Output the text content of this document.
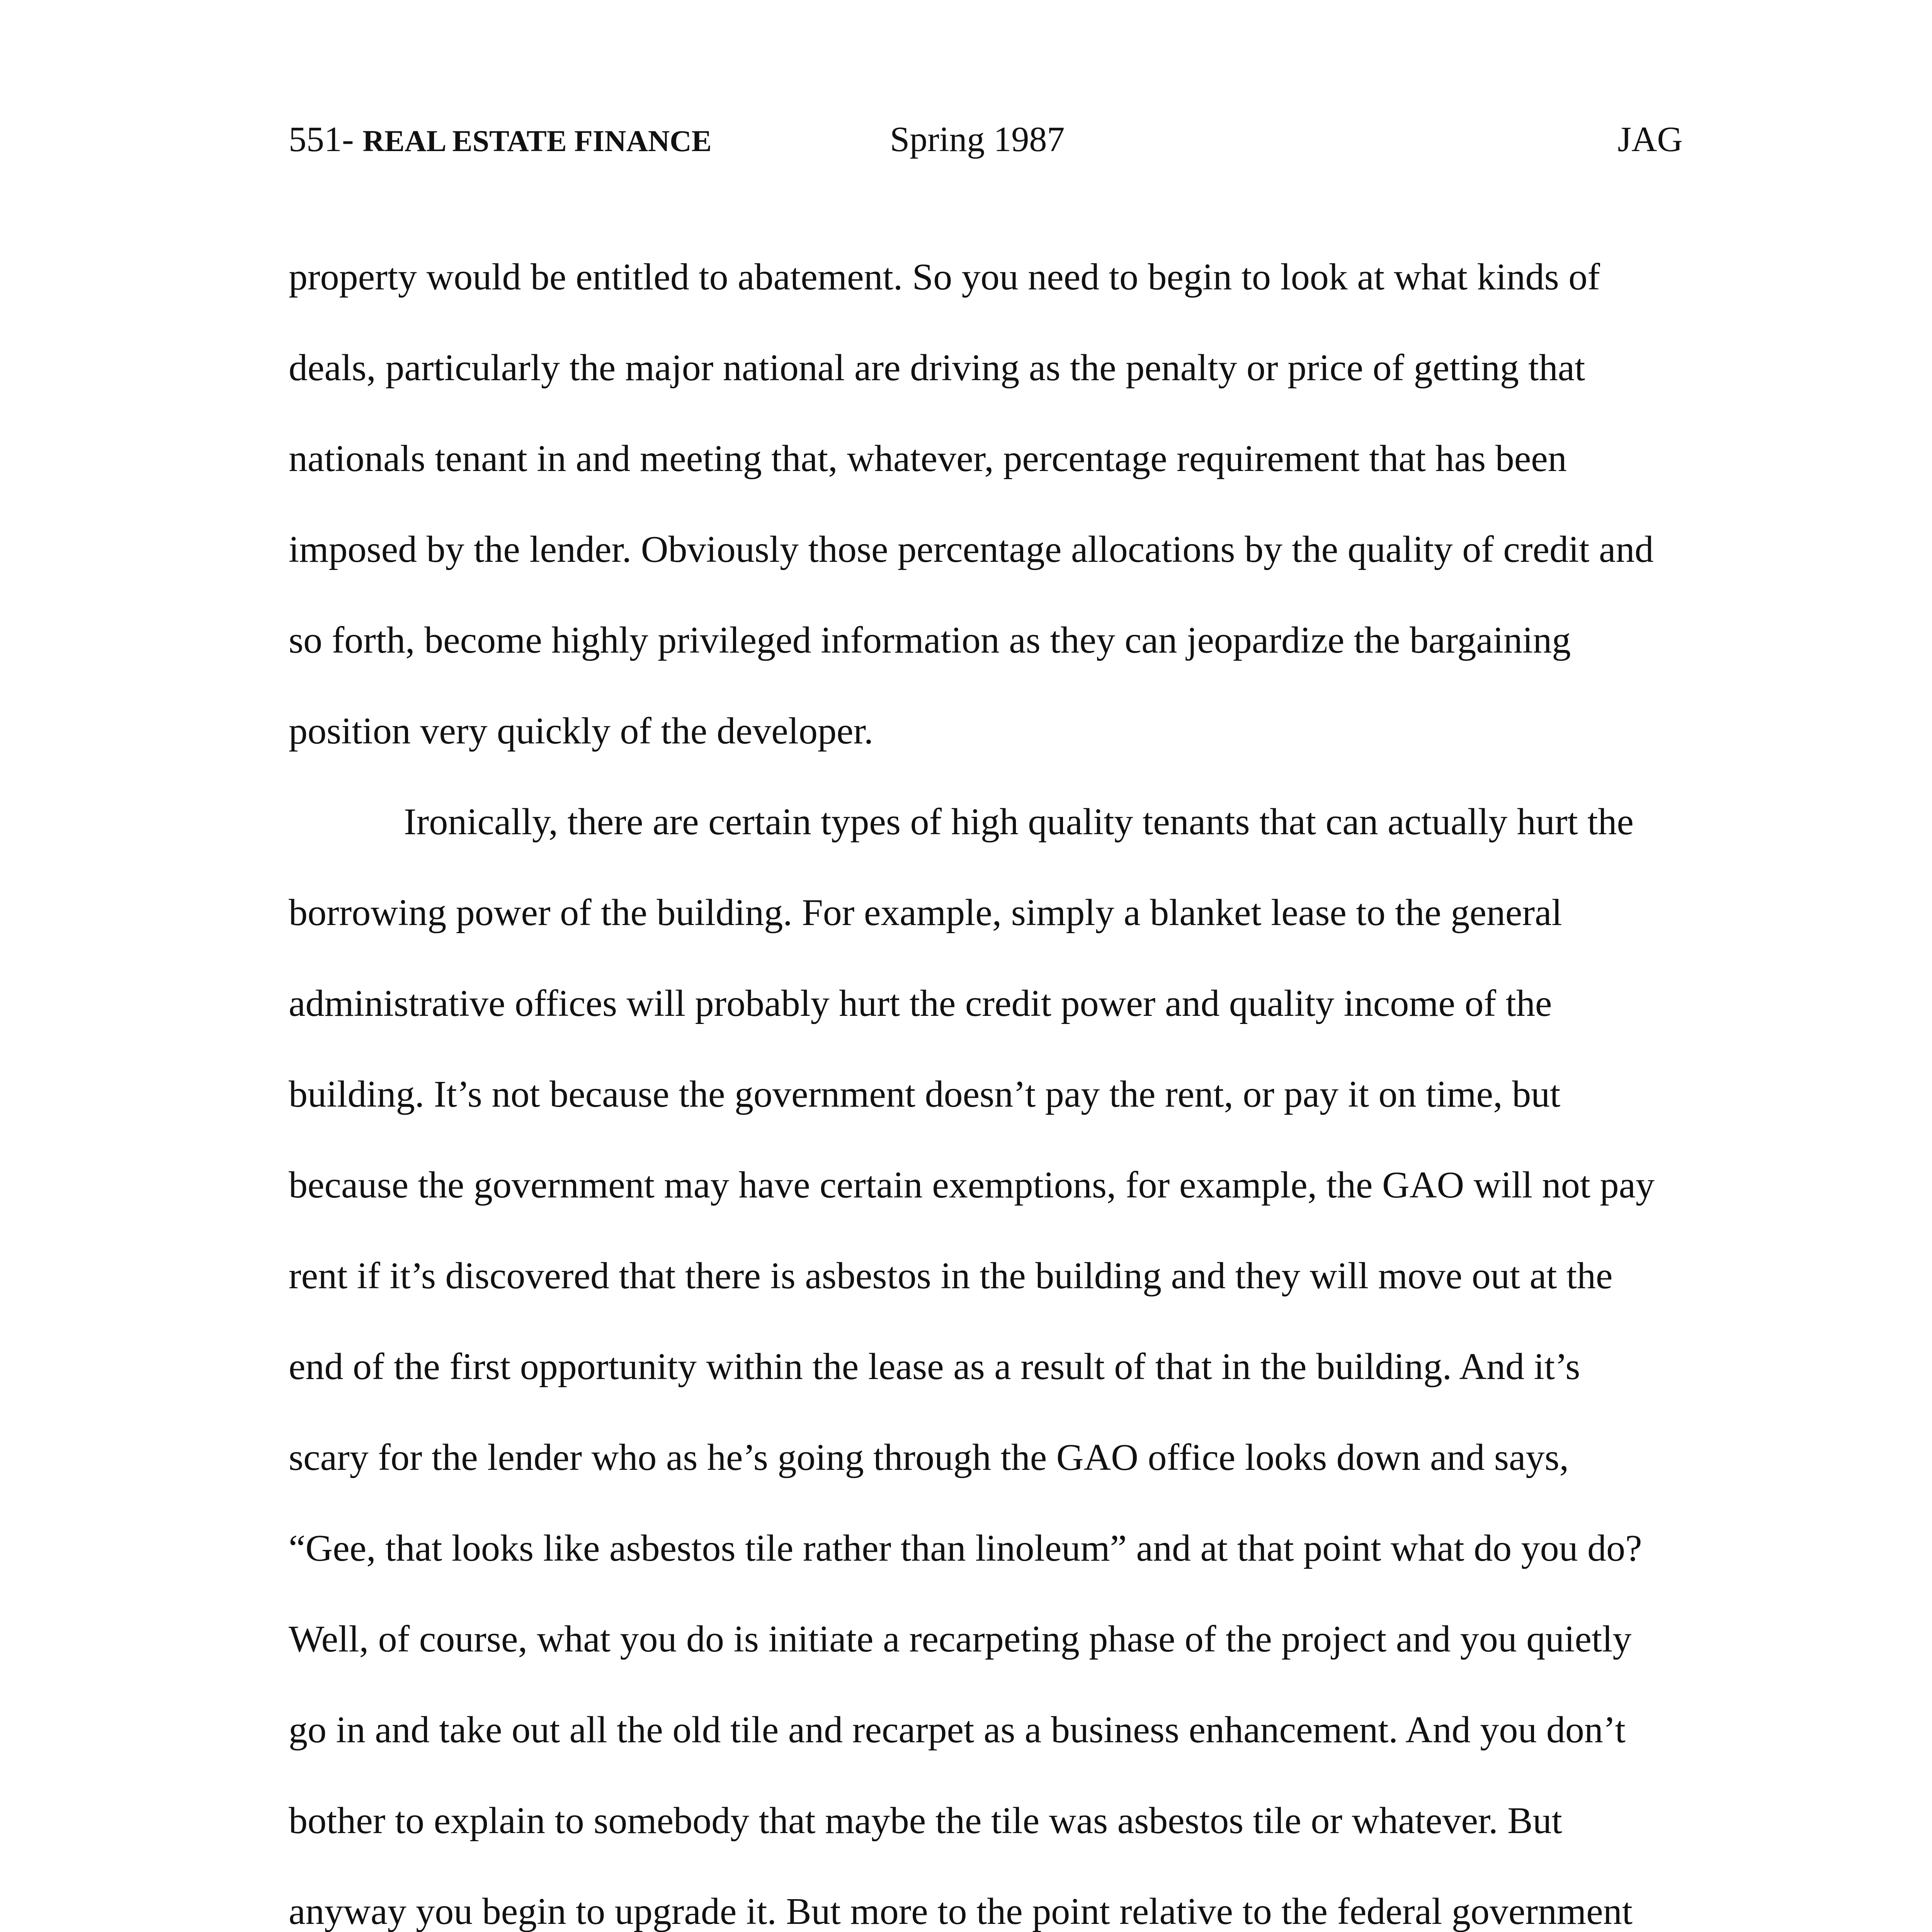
551- REAL ESTATE FINANCE	Spring 1987	JAG
property would be entitled to abatement. So you need to begin to look at what kinds of
deals, particularly the major national are driving as the penalty or price of getting that
nationals tenant in and meeting that, whatever, percentage requirement that has been
imposed by the lender. Obviously those percentage allocations by the quality of credit and
so forth, become highly privileged information as they can jeopardize the bargaining
position very quickly of the developer.
Ironically, there are certain types of high quality tenants that can actually hurt the
borrowing power of the building. For example, simply a blanket lease to the general
administrative offices will probably hurt the credit power and quality income of the
building. It’s not because the government doesn’t pay the rent, or pay it on time, but
because the government may have certain exemptions, for example, the GAO will not pay
rent if it’s discovered that there is asbestos in the building and they will move out at the
end of the first opportunity within the lease as a result of that in the building. And it’s
scary for the lender who as he’s going through the GAO office looks down and says,
“Gee, that looks like asbestos tile rather than linoleum” and at that point what do you do?
Well, of course, what you do is initiate a recarpeting phase of the project and you quietly
go in and take out all the old tile and recarpet as a business enhancement. And you don’t
bother to explain to somebody that maybe the tile was asbestos tile or whatever. But
anyway you begin to upgrade it. But more to the point relative to the federal government
